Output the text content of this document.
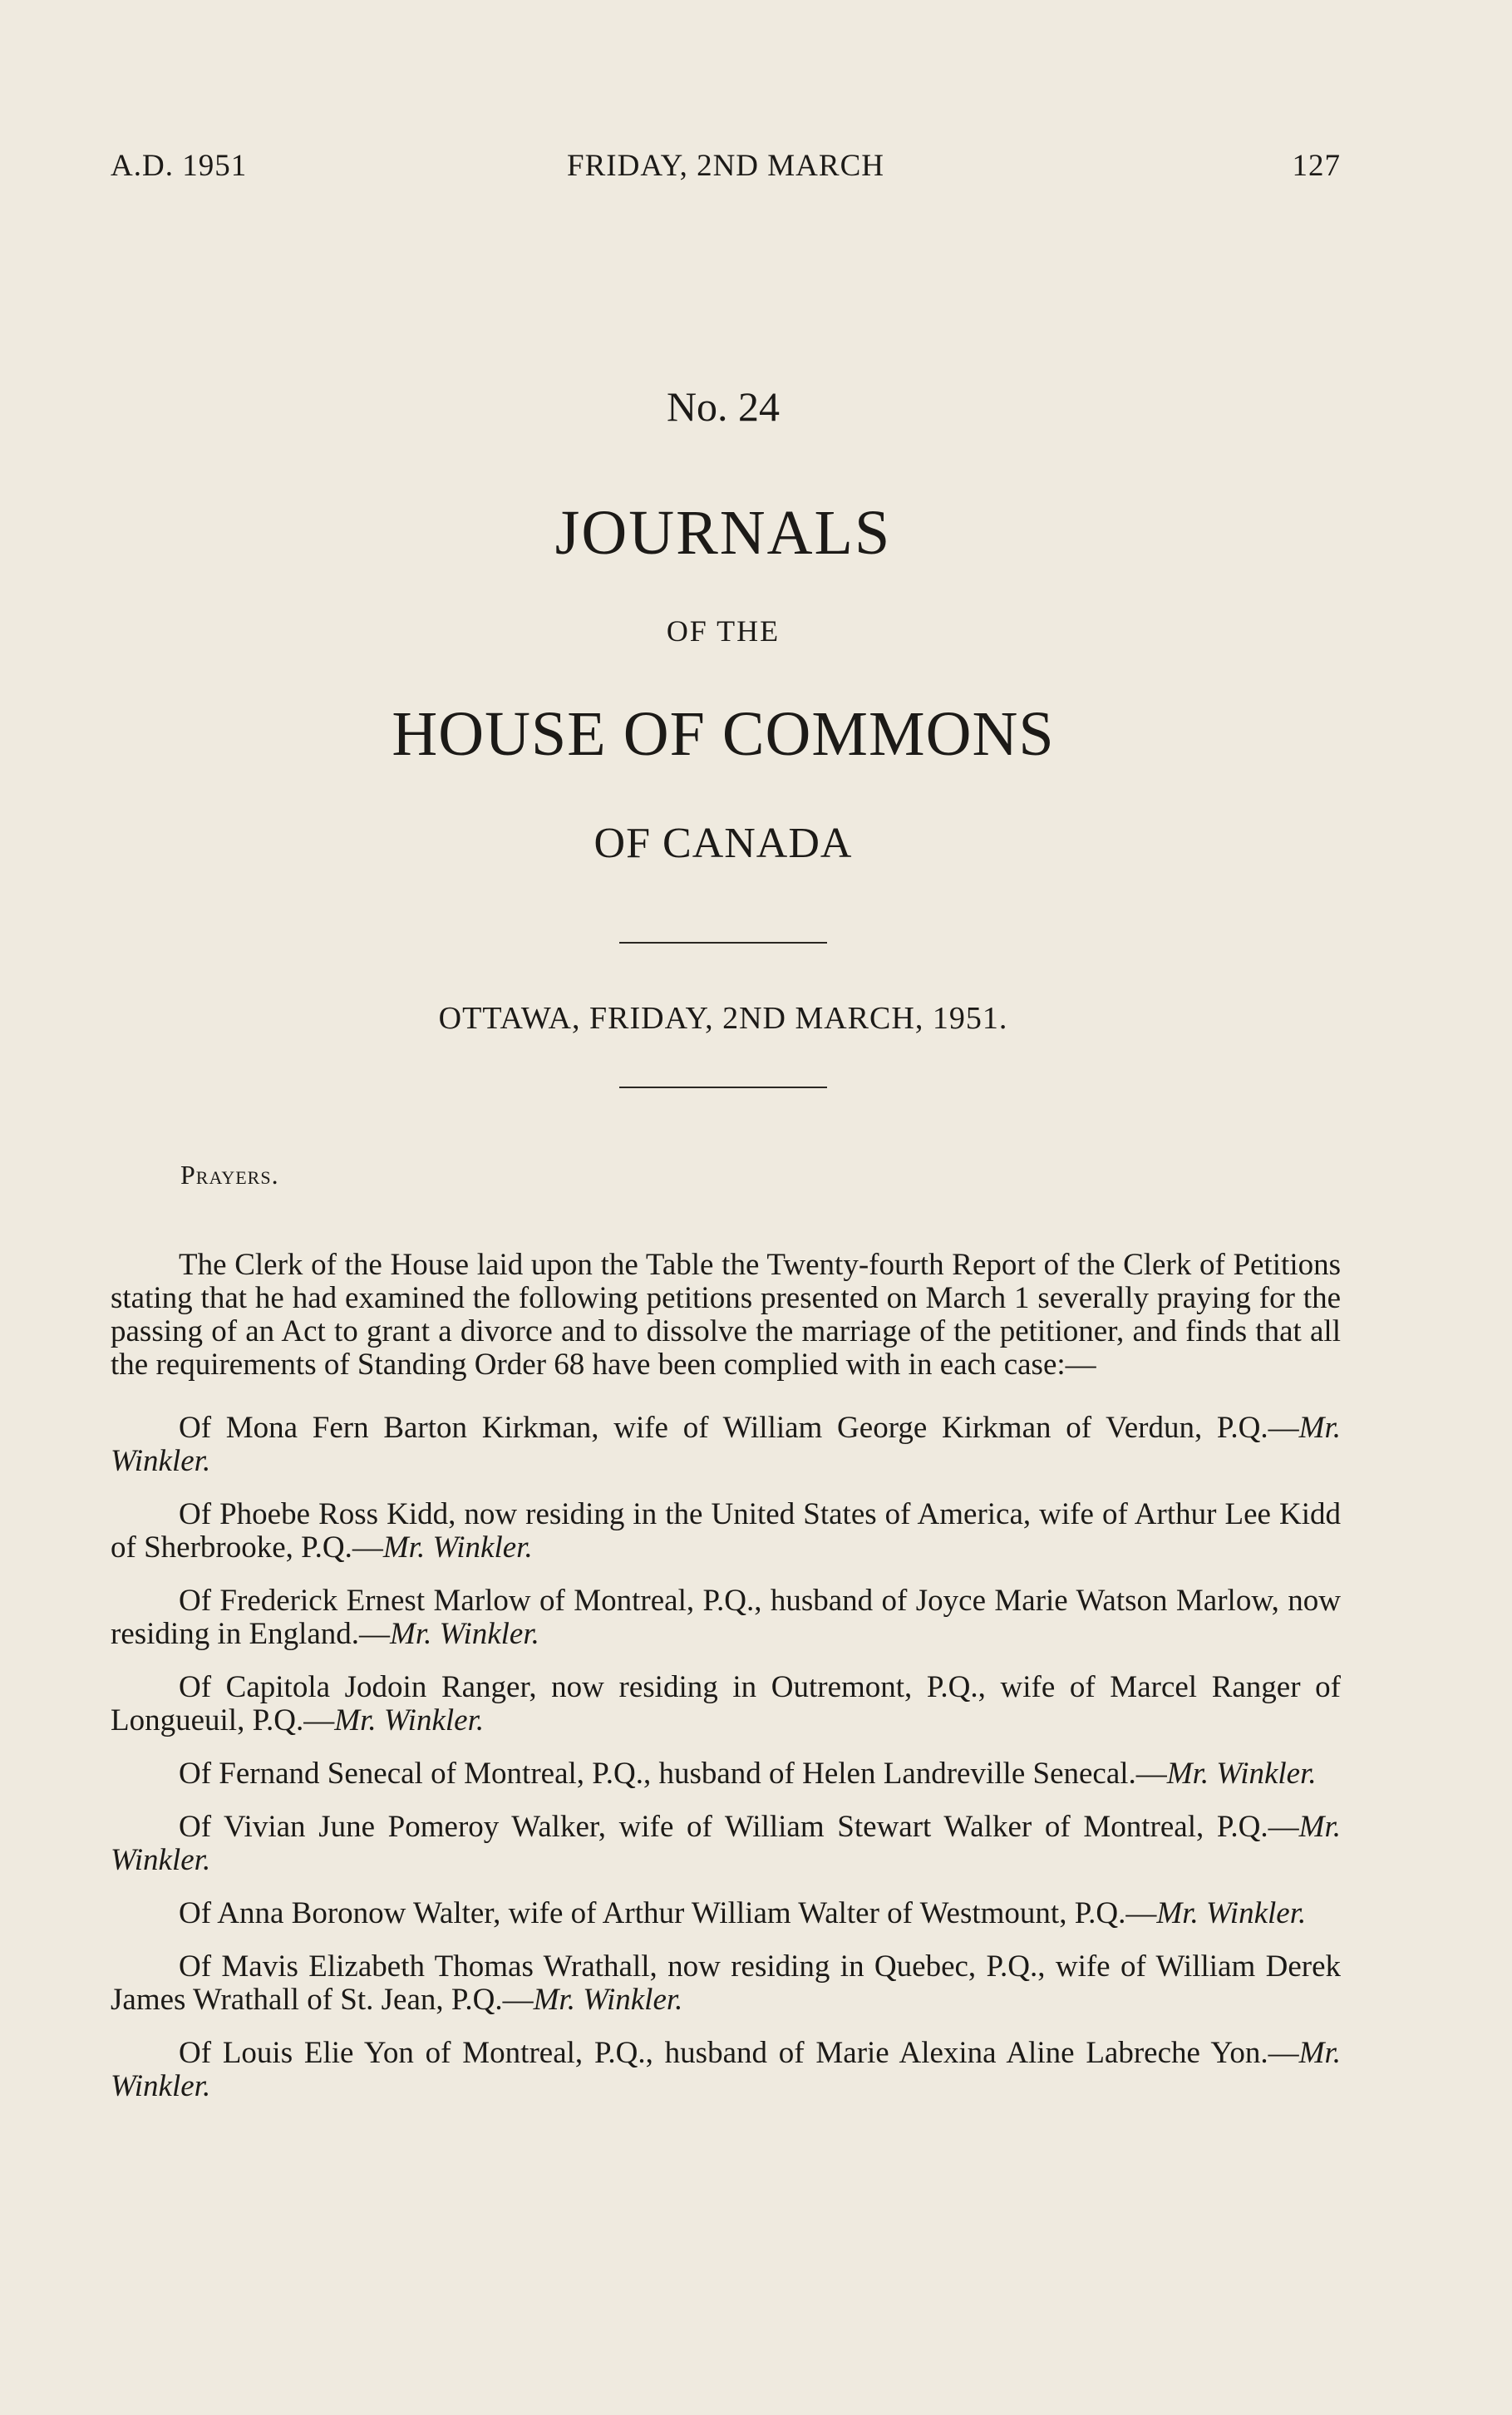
A.D. 1951	FRIDAY, 2ND MARCH	127
No. 24
JOURNALS
OF THE
HOUSE OF COMMONS
OF CANADA
OTTAWA, FRIDAY, 2ND MARCH, 1951.
Prayers.

The Clerk of the House laid upon the Table the Twenty-fourth Report of the Clerk of Petitions stating that he had examined the following petitions presented on March 1 severally praying for the passing of an Act to grant a divorce and to dissolve the marriage of the petitioner, and finds that all the requirements of Standing Order 68 have been complied with in each case:—

Of Mona Fern Barton Kirkman, wife of William George Kirkman of Verdun, P.Q.—Mr. Winkler.

Of Phoebe Ross Kidd, now residing in the United States of America, wife of Arthur Lee Kidd of Sherbrooke, P.Q.—Mr. Winkler.

Of Frederick Ernest Marlow of Montreal, P.Q., husband of Joyce Marie Watson Marlow, now residing in England.—Mr. Winkler.

Of Capitola Jodoin Ranger, now residing in Outremont, P.Q., wife of Marcel Ranger of Longueuil, P.Q.—Mr. Winkler.

Of Fernand Senecal of Montreal, P.Q., husband of Helen Landreville Senecal.—Mr. Winkler.

Of Vivian June Pomeroy Walker, wife of William Stewart Walker of Montreal, P.Q.—Mr. Winkler.

Of Anna Boronow Walter, wife of Arthur William Walter of Westmount, P.Q.—Mr. Winkler.

Of Mavis Elizabeth Thomas Wrathall, now residing in Quebec, P.Q., wife of William Derek James Wrathall of St. Jean, P.Q.—Mr. Winkler.

Of Louis Elie Yon of Montreal, P.Q., husband of Marie Alexina Aline Labreche Yon.—Mr. Winkler.
